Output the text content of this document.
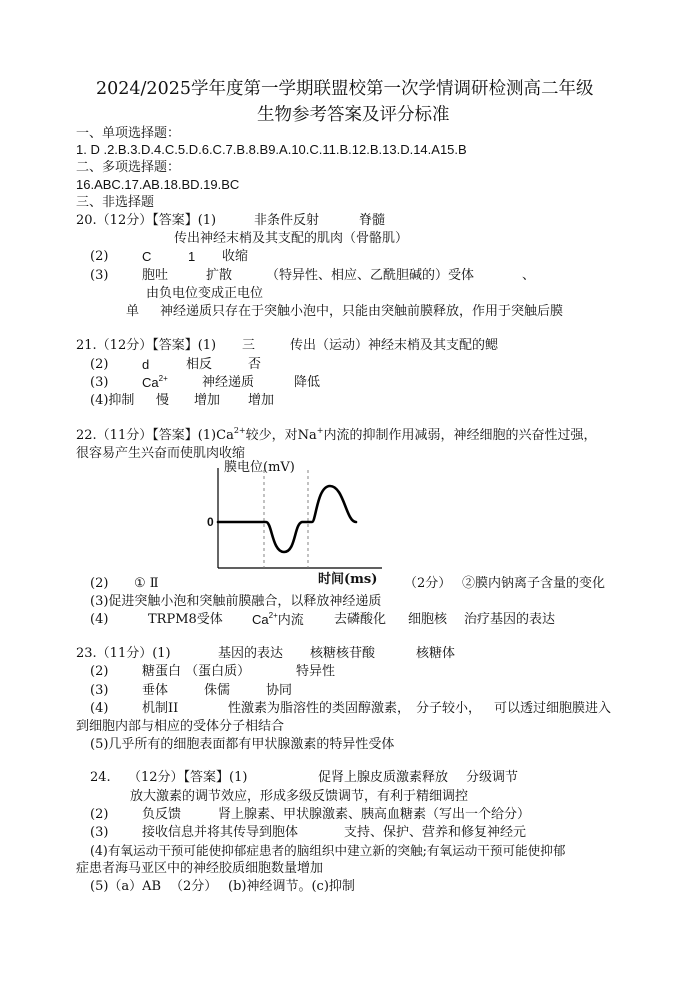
2024/2025学年度第一学期联盟校第一次学情调研检测高二年级
生物参考答案及评分标准
一、单项选择题：
1. D .2.B.3.D.4.C.5.D.6.C.7.B.8.B9.A.10.C.11.B.12.B.13.D.14.A15.B
二、多项选择题：
16.ABC.17.AB.18.BD.19.BC
三、非选择题
20.（12分）【答案】(1)	非条件反射	脊髓
传出神经末梢及其支配的肌肉（骨骼肌）
(2)	C	1 收缩
(3)	胞吐	扩散	（特异性、相应、乙酰胆碱的）受体	、
由负电位变成正电位
单 神经递质只存在于突触小泡中，只能由突触前膜释放，作用于突触后膜
21.（12分）【答案】(1) 三	传出（运动）神经末梢及其支配的鳃
(2)	d	相反	否
(3)	$Ca^{2+}$	神经递质	降低
(4)抑制 慢 增加 增加
22.（11分）【答案】$(1)Ca^{2+}$较少，对Na+内流的抑制作用减弱，神经细胞的兴奋性过强，
很容易产生兴奋而使肌肉收缩
膜电位(mV)
0
时间(ms)
(2) ① Ⅱ	（2分） ②膜内钠离子含量的变化
(3)促进突触小泡和突触前膜融合，以释放神经递质
(4)	TRPM8受体 $Ca^{2+}$内流 去磷酸化 细胞核 治疗基因的表达
23.（11分）(1)	基因的表达 核糖核苷酸	核糖体
(2)	糖蛋白 （蛋白质）	特异性
(3)	垂体	侏儒	协同
(4)	机制II	性激素为脂溶性的类固醇激素， 分子较小， 可以透过细胞膜进入
到细胞内部与相应的受体分子相结合
(5)几乎所有的细胞表面都有甲状腺激素的特异性受体
24. （12分）【答案】(1)	促肾上腺皮质激素释放 分级调节
放大激素的调节效应，形成多级反馈调节，有利于精细调控
(2)	负反馈	肾上腺素、甲状腺激素、胰高血糖素（写出一个给分）
(3)	接收信息并将其传导到胞体	支持、保护、营养和修复神经元
(4)有氧运动干预可能使抑郁症患者的脑组织中建立新的突触;有氧运动干预可能使抑郁
症患者海马亚区中的神经胶质细胞数量增加
(5)（a）AB （2分） (b)神经调节。(c)抑制
